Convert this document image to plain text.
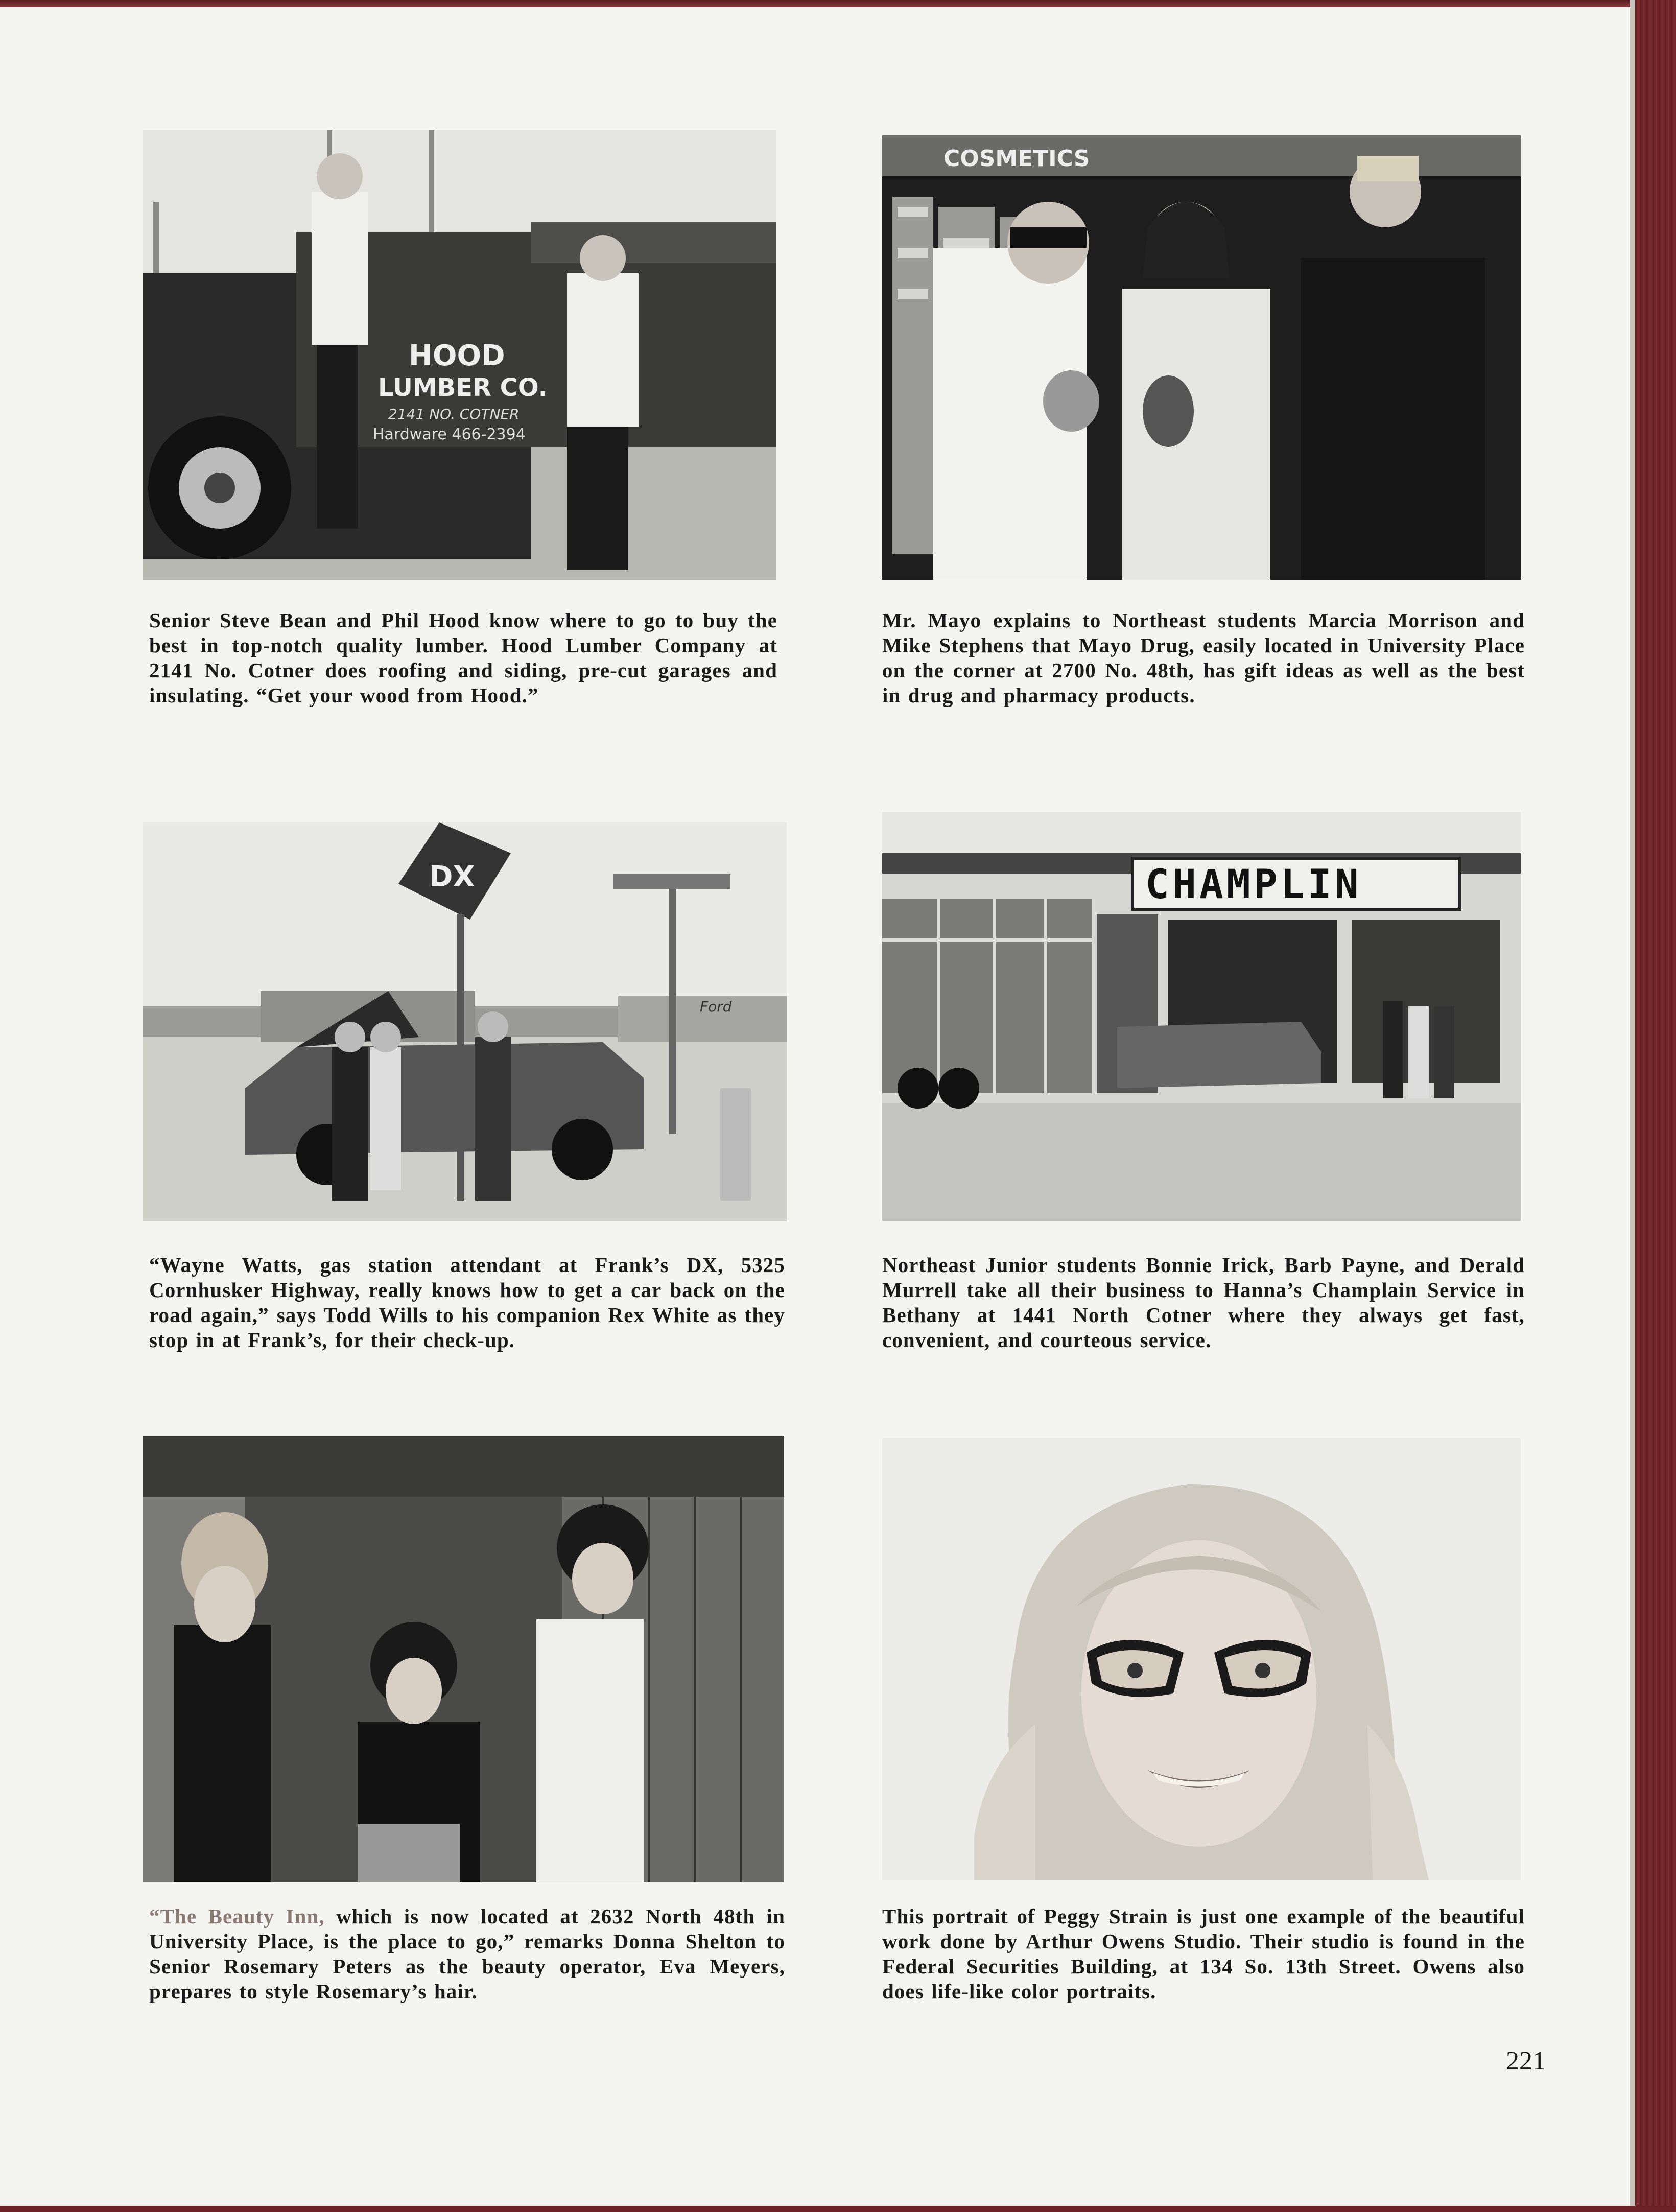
HOOD
LUMBER CO.
2141 NO. COTNER
Hardware 466-2394
COSMETICS
DX
Ford
CHAMPLIN
Senior Steve Bean and Phil Hood know where to go to buy the best in top-notch quality lumber. Hood Lumber Company at 2141 No. Cotner does roofing and siding, pre-cut garages and insulating. “Get your wood from Hood.”
Mr. Mayo explains to Northeast students Marcia Morrison and Mike Stephens that Mayo Drug, easily located in University Place on the corner at 2700 No. 48th, has gift ideas as well as the best in drug and pharmacy products.
“Wayne Watts, gas station attendant at Frank’s DX, 5325 Cornhusker Highway, really knows how to get a car back on the road again,” says Todd Wills to his companion Rex White as they stop in at Frank’s, for their check-up.
Northeast Junior students Bonnie Irick, Barb Payne, and Derald Murrell take all their business to Hanna’s Champlain Service in Bethany at 1441 North Cotner where they always get fast, convenient, and courteous service.
“The Beauty Inn, which is now located at 2632 North 48th in University Place, is the place to go,” remarks Donna Shelton to Senior Rosemary Peters as the beauty operator, Eva Meyers, prepares to style Rosemary’s hair.
This portrait of Peggy Strain is just one example of the beautiful work done by Arthur Owens Studio. Their studio is found in the Federal Securities Building, at 134 So. 13th Street. Owens also does life-like color portraits.
221
